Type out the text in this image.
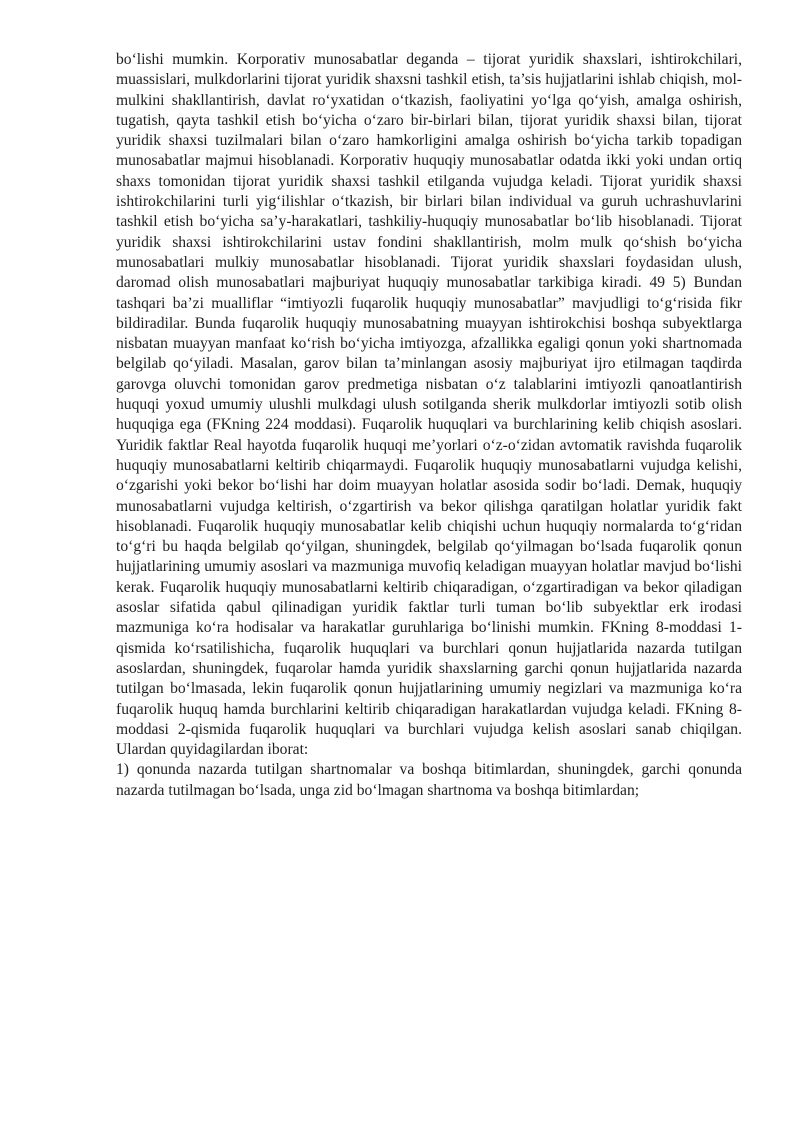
bo‘lishi mumkin. Korporativ munosabatlar deganda – tijorat yuridik shaxslari, ishtirokchilari, muassislari, mulkdorlarini tijorat yuridik shaxsni tashkil etish, ta’sis hujjatlarini ishlab chiqish, mol-mulkini shakllantirish, davlat ro‘yxatidan o‘tkazish, faoliyatini yo‘lga qo‘yish, amalga oshirish, tugatish, qayta tashkil etish bo‘yicha o‘zaro bir-birlari bilan, tijorat yuridik shaxsi bilan, tijorat yuridik shaxsi tuzilmalari bilan o‘zaro hamkorligini amalga oshirish bo‘yicha tarkib topadigan munosabatlar majmui hisoblanadi. Korporativ huquqiy munosabatlar odatda ikki yoki undan ortiq shaxs tomonidan tijorat yuridik shaxsi tashkil etilganda vujudga keladi. Tijorat yuridik shaxsi ishtirokchilarini turli yig‘ilishlar o‘tkazish, bir birlari bilan individual va guruh uchrashuvlarini tashkil etish bo‘yicha sa’y-harakatlari, tashkiliy-huquqiy munosabatlar bo‘lib hisoblanadi. Tijorat yuridik shaxsi ishtirokchilarini ustav fondini shakllantirish, molm mulk qo‘shish bo‘yicha munosabatlari mulkiy munosabatlar hisoblanadi. Tijorat yuridik shaxslari foydasidan ulush, daromad olish munosabatlari majburiyat huquqiy munosabatlar tarkibiga kiradi. 49 5) Bundan tashqari ba’zi mualliflar “imtiyozli fuqarolik huquqiy munosabatlar” mavjudligi to‘g‘risida fikr bildiradilar. Bunda fuqarolik huquqiy munosabatning muayyan ishtirokchisi boshqa subyektlarga nisbatan muayyan manfaat ko‘rish bo‘yicha imtiyozga, afzallikka egaligi qonun yoki shartnomada belgilab qo‘yiladi. Masalan, garov bilan ta’minlangan asosiy majburiyat ijro etilmagan taqdirda garovga oluvchi tomonidan garov predmetiga nisbatan o‘z talablarini imtiyozli qanoatlantirish huquqi yoxud umumiy ulushli mulkdagi ulush sotilganda sherik mulkdorlar imtiyozli sotib olish huquqiga ega (FKning 224 moddasi). Fuqarolik huquqlari va burchlarining kelib chiqish asoslari. Yuridik faktlar Real hayotda fuqarolik huquqi me’yorlari o‘z-o‘zidan avtomatik ravishda fuqarolik huquqiy munosabatlarni keltirib chiqarmaydi. Fuqarolik huquqiy munosabatlarni vujudga kelishi, o‘zgarishi yoki bekor bo‘lishi har doim muayyan holatlar asosida sodir bo‘ladi. Demak, huquqiy munosabatlarni vujudga keltirish, o‘zgartirish va bekor qilishga qaratilgan holatlar yuridik fakt hisoblanadi. Fuqarolik huquqiy munosabatlar kelib chiqishi uchun huquqiy normalarda to‘g‘ridan to‘g‘ri bu haqda belgilab qo‘yilgan, shuningdek, belgilab qo‘yilmagan bo‘lsada fuqarolik qonun hujjatlarining umumiy asoslari va mazmuniga muvofiq keladigan muayyan holatlar mavjud bo‘lishi kerak. Fuqarolik huquqiy munosabatlarni keltirib chiqaradigan, o‘zgartiradigan va bekor qiladigan asoslar sifatida qabul qilinadigan yuridik faktlar turli tuman bo‘lib subyektlar erk irodasi mazmuniga ko‘ra hodisalar va harakatlar guruhlariga bo‘linishi mumkin. FKning 8-moddasi 1-qismida ko‘rsatilishicha, fuqarolik huquqlari va burchlari qonun hujjatlarida nazarda tutilgan asoslardan, shuningdek, fuqarolar hamda yuridik shaxslarning garchi qonun hujjatlarida nazarda tutilgan bo‘lmasada, lekin fuqarolik qonun hujjatlarining umumiy negizlari va mazmuniga ko‘ra fuqarolik huquq hamda burchlarini keltirib chiqaradigan harakatlardan vujudga keladi. FKning 8-moddasi 2-qismida fuqarolik huquqlari va burchlari vujudga kelish asoslari sanab chiqilgan. Ulardan quyidagilardan iborat:

1) qonunda nazarda tutilgan shartnomalar va boshqa bitimlardan, shuningdek, garchi qonunda nazarda tutilmagan bo‘lsada, unga zid bo‘lmagan shartnoma va boshqa bitimlardan;
